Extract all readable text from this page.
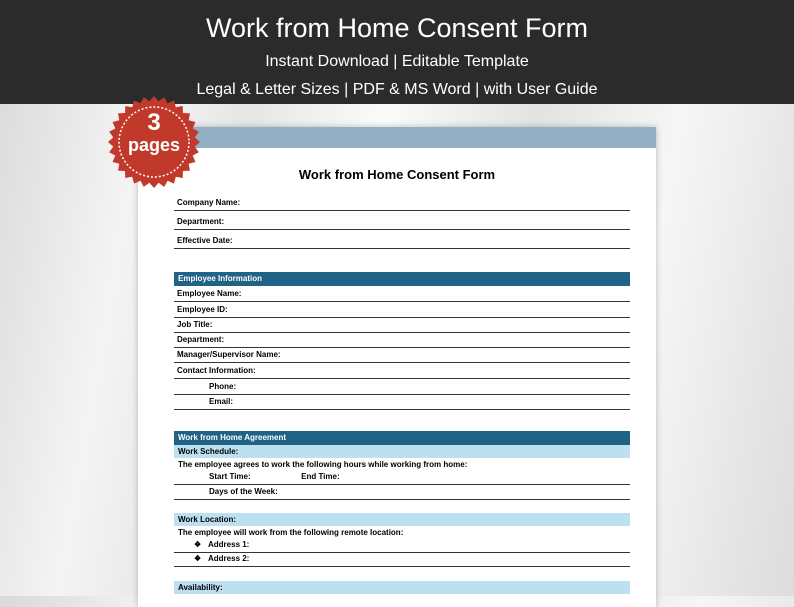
Work from Home Consent Form
Instant Download | Editable Template
Legal & Letter Sizes | PDF & MS Word | with User Guide
Work from Home Consent Form
Company Name:
Department:
Effective Date:
Employee Information
Employee Name:
Employee ID:
Job Title:
Department:
Manager/Supervisor Name:
Contact Information:
Phone:
Email:
Work from Home Agreement
Work Schedule:
The employee agrees to work the following hours while working from home:
Start Time:	End Time:
Days of the Week:
Work Location:
The employee will work from the following remote location:
❖ Address 1:
❖ Address 2:
Availability:
3
pages
